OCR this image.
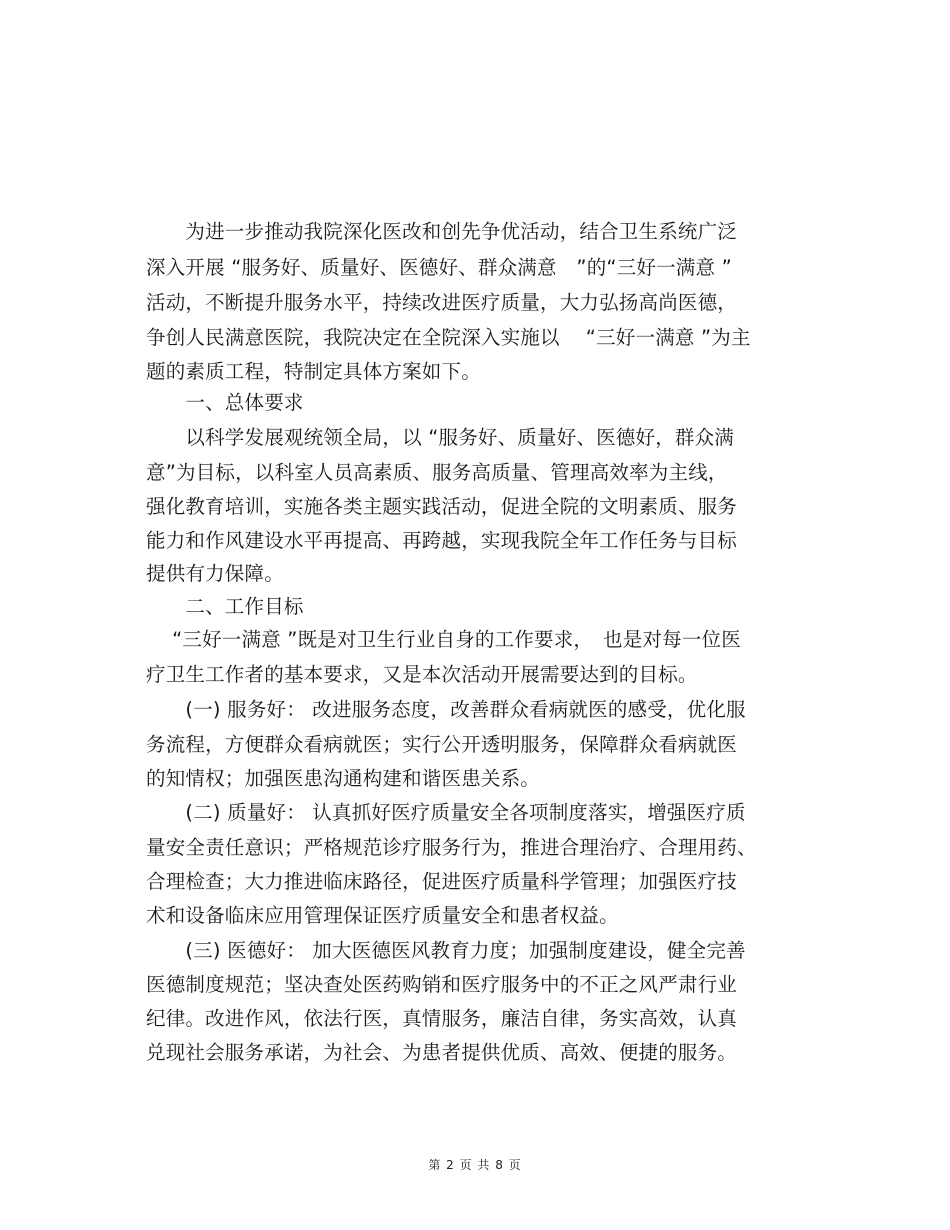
　　为进一步推动我院深化医改和创先争优活动，结合卫生系统广泛
深入开展 “服务好、质量好、医德好、群众满意　”的“三好一满意 ”
活动，不断提升服务水平，持续改进医疗质量，大力弘扬高尚医德，
争创人民满意医院，我院决定在全院深入实施以　 “三好一满意 ”为主
题的素质工程，特制定具体方案如下。
　　一、总体要求
　　以科学发展观统领全局，以 “服务好、质量好、医德好，群众满
意”为目标，以科室人员高素质、服务高质量、管理高效率为主线，
强化教育培训，实施各类主题实践活动，促进全院的文明素质、服务
能力和作风建设水平再提高、再跨越，实现我院全年工作任务与目标
提供有力保障。
　　二、工作目标
　 “三好一满意 ”既是对卫生行业自身的工作要求，　也是对每一位医
疗卫生工作者的基本要求，又是本次活动开展需要达到的目标。
　　(一) 服务好： 改进服务态度，改善群众看病就医的感受，优化服
务流程，方便群众看病就医；实行公开透明服务，保障群众看病就医
的知情权；加强医患沟通构建和谐医患关系。
　　(二) 质量好： 认真抓好医疗质量安全各项制度落实，增强医疗质
量安全责任意识；严格规范诊疗服务行为，推进合理治疗、合理用药、
合理检查；大力推进临床路径，促进医疗质量科学管理；加强医疗技
术和设备临床应用管理保证医疗质量安全和患者权益。
　　(三) 医德好： 加大医德医风教育力度；加强制度建设，健全完善
医德制度规范；坚决查处医药购销和医疗服务中的不正之风严肃行业
纪律。改进作风，依法行医，真情服务，廉洁自律，务实高效，认真
兑现社会服务承诺，为社会、为患者提供优质、高效、便捷的服务。
第 2 页 共 8 页
